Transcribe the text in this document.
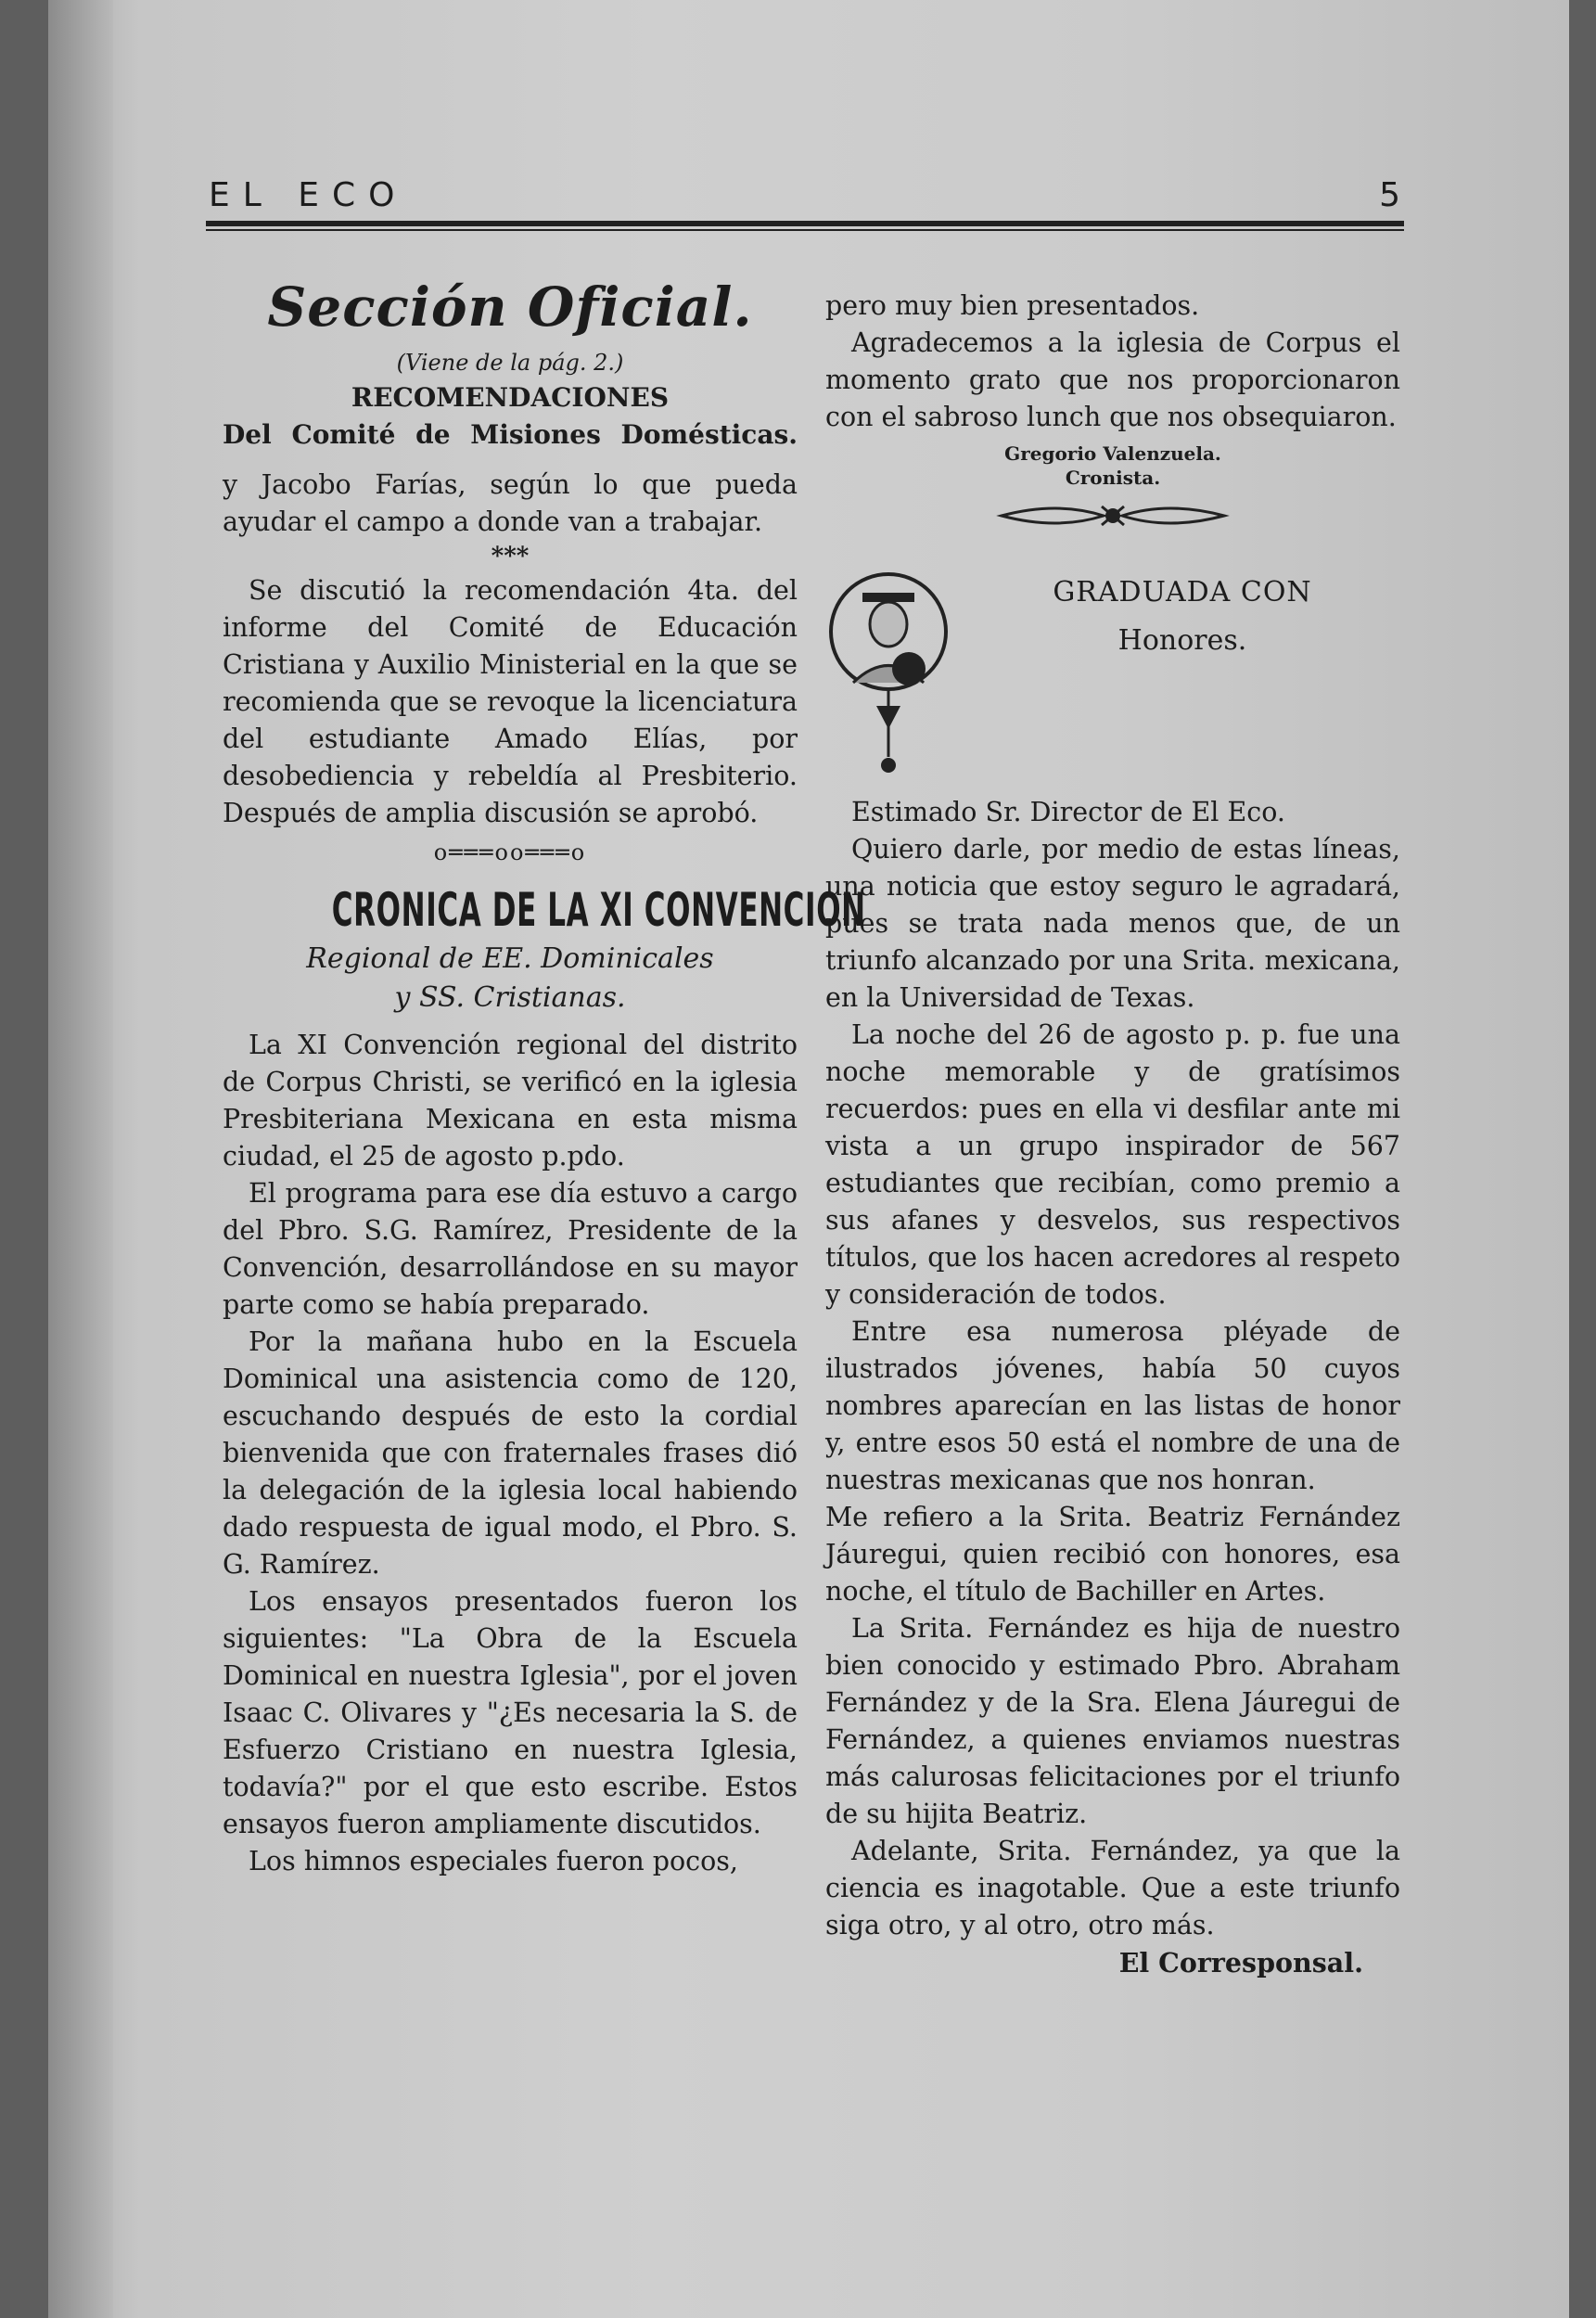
EL ECO	5
Sección Oficial.
(Viene de la pág. 2.)
RECOMENDACIONES
Del Comité de Misiones Domésticas.

y Jacobo Farías, según lo que pueda ayudar el campo a donde van a trabajar.

***

Se discutió la recomendación 4ta. del informe del Comité de Educación Cristiana y Auxilio Ministerial en la que se recomienda que se revoque la licenciatura del estudiante Amado Elías, por desobediencia y rebeldía al Presbiterio. Después de amplia discusión se aprobó.

o═══oo═══o
CRONICA DE LA XI CONVENCION
Regional de EE. Dominicales
y SS. Cristianas.

La XI Convención regional del distrito de Corpus Christi, se verificó en la iglesia Presbiteriana Mexicana en esta misma ciudad, el 25 de agosto p.pdo.

El programa para ese día estuvo a cargo del Pbro. S.G. Ramírez, Presidente de la Convención, desarrollándose en su mayor parte como se había preparado.

Por la mañana hubo en la Escuela Dominical una asistencia como de 120, escuchando después de esto la cordial bienvenida que con fraternales frases dió la delegación de la iglesia local habiendo dado respuesta de igual modo, el Pbro. S. G. Ramírez.

Los ensayos presentados fueron los siguientes: "La Obra de la Escuela Dominical en nuestra Iglesia", por el joven Isaac C. Olivares y "¿Es necesaria la S. de Esfuerzo Cristiano en nuestra Iglesia, todavía?" por el que esto escribe. Estos ensayos fueron ampliamente discutidos.

Los himnos especiales fueron pocos,

pero muy bien presentados.

Agradecemos a la iglesia de Corpus el momento grato que nos proporcionaron con el sabroso lunch que nos obsequiaron.

Gregorio Valenzuela.
Cronista.
GRADUADA CON
Honores.

Estimado Sr. Director de El Eco.

Quiero darle, por medio de estas líneas, una noticia que estoy seguro le agradará, pues se trata nada menos que, de un triunfo alcanzado por una Srita. mexicana, en la Universidad de Texas.

La noche del 26 de agosto p. p. fue una noche memorable y de gratísimos recuerdos: pues en ella vi desfilar ante mi vista a un grupo inspirador de 567 estudiantes que recibían, como premio a sus afanes y desvelos, sus respectivos títulos, que los hacen acredores al respeto y consideración de todos.

Entre esa numerosa pléyade de ilustrados jóvenes, había 50 cuyos nombres aparecían en las listas de honor y, entre esos 50 está el nombre de una de nuestras mexicanas que nos honran.

Me refiero a la Srita. Beatriz Fernández Jáuregui, quien recibió con honores, esa noche, el título de Bachiller en Artes.

La Srita. Fernández es hija de nuestro bien conocido y estimado Pbro. Abraham Fernández y de la Sra. Elena Jáuregui de Fernández, a quienes enviamos nuestras más calurosas felicitaciones por el triunfo de su hijita Beatriz.

Adelante, Srita. Fernández, ya que la ciencia es inagotable. Que a este triunfo siga otro, y al otro, otro más.

El Corresponsal.
